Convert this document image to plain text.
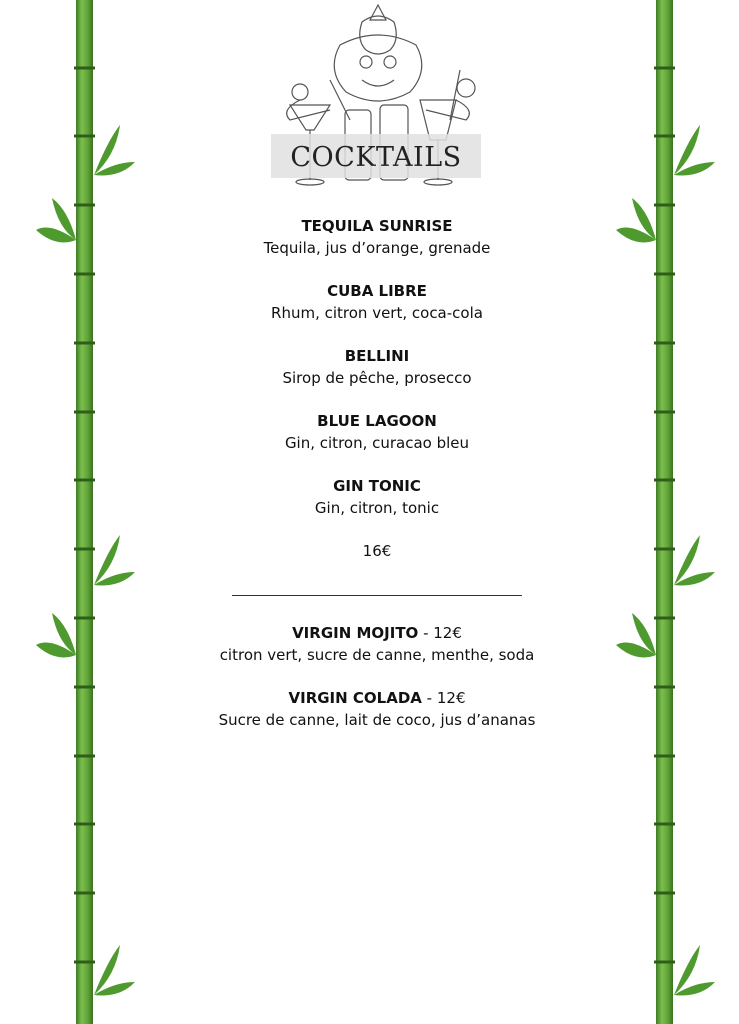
COCKTAILS
TEQUILA SUNRISE
Tequila, jus d’orange, grenade
CUBA LIBRE
Rhum, citron vert, coca-cola
BELLINI
Sirop de pêche, prosecco
BLUE LAGOON
Gin, citron, curacao bleu
GIN TONIC
Gin, citron, tonic
16€
VIRGIN MOJITO - 12€
citron vert, sucre de canne, menthe, soda
VIRGIN COLADA - 12€
Sucre de canne, lait de coco, jus d’ananas
